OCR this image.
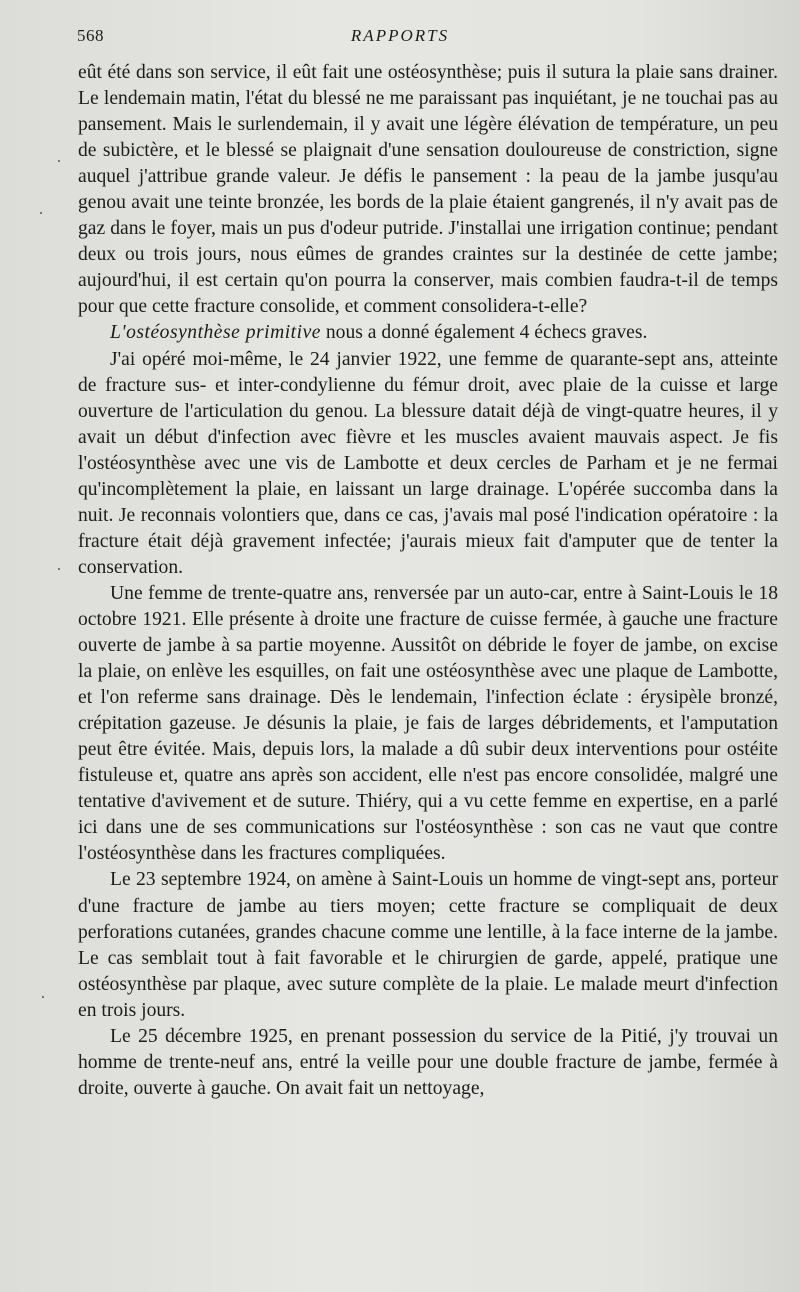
568	RAPPORTS

eût été dans son service, il eût fait une ostéosynthèse; puis il sutura la plaie sans drainer. Le lendemain matin, l'état du blessé ne me paraissant pas inquiétant, je ne touchai pas au pansement. Mais le surlendemain, il y avait une légère élévation de température, un peu de subictère, et le blessé se plaignait d'une sensation douloureuse de constriction, signe auquel j'attribue grande valeur. Je défis le pansement : la peau de la jambe jusqu'au genou avait une teinte bronzée, les bords de la plaie étaient gangrenés, il n'y avait pas de gaz dans le foyer, mais un pus d'odeur putride. J'installai une irrigation continue; pendant deux ou trois jours, nous eûmes de grandes craintes sur la destinée de cette jambe; aujourd'hui, il est certain qu'on pourra la conserver, mais combien faudra-t-il de temps pour que cette fracture consolide, et comment consolidera-t-elle?

L'ostéosynthèse primitive nous a donné également 4 échecs graves.

J'ai opéré moi-même, le 24 janvier 1922, une femme de quarante-sept ans, atteinte de fracture sus- et inter-condylienne du fémur droit, avec plaie de la cuisse et large ouverture de l'articulation du genou. La blessure datait déjà de vingt-quatre heures, il y avait un début d'infection avec fièvre et les muscles avaient mauvais aspect. Je fis l'ostéosynthèse avec une vis de Lambotte et deux cercles de Parham et je ne fermai qu'incomplètement la plaie, en laissant un large drainage. L'opérée succomba dans la nuit. Je reconnais volontiers que, dans ce cas, j'avais mal posé l'indication opératoire : la fracture était déjà gravement infectée; j'aurais mieux fait d'amputer que de tenter la conservation.

Une femme de trente-quatre ans, renversée par un auto-car, entre à Saint-Louis le 18 octobre 1921. Elle présente à droite une fracture de cuisse fermée, à gauche une fracture ouverte de jambe à sa partie moyenne. Aussitôt on débride le foyer de jambe, on excise la plaie, on enlève les esquilles, on fait une ostéosynthèse avec une plaque de Lambotte, et l'on referme sans drainage. Dès le lendemain, l'infection éclate : érysipèle bronzé, crépitation gazeuse. Je désunis la plaie, je fais de larges débridements, et l'amputation peut être évitée. Mais, depuis lors, la malade a dû subir deux interventions pour ostéite fistuleuse et, quatre ans après son accident, elle n'est pas encore consolidée, malgré une tentative d'avivement et de suture. Thiéry, qui a vu cette femme en expertise, en a parlé ici dans une de ses communications sur l'ostéosynthèse : son cas ne vaut que contre l'ostéosynthèse dans les fractures compliquées.

Le 23 septembre 1924, on amène à Saint-Louis un homme de vingt-sept ans, porteur d'une fracture de jambe au tiers moyen; cette fracture se compliquait de deux perforations cutanées, grandes chacune comme une lentille, à la face interne de la jambe. Le cas semblait tout à fait favorable et le chirurgien de garde, appelé, pratique une ostéosynthèse par plaque, avec suture complète de la plaie. Le malade meurt d'infection en trois jours.

Le 25 décembre 1925, en prenant possession du service de la Pitié, j'y trouvai un homme de trente-neuf ans, entré la veille pour une double fracture de jambe, fermée à droite, ouverte à gauche. On avait fait un nettoyage,
